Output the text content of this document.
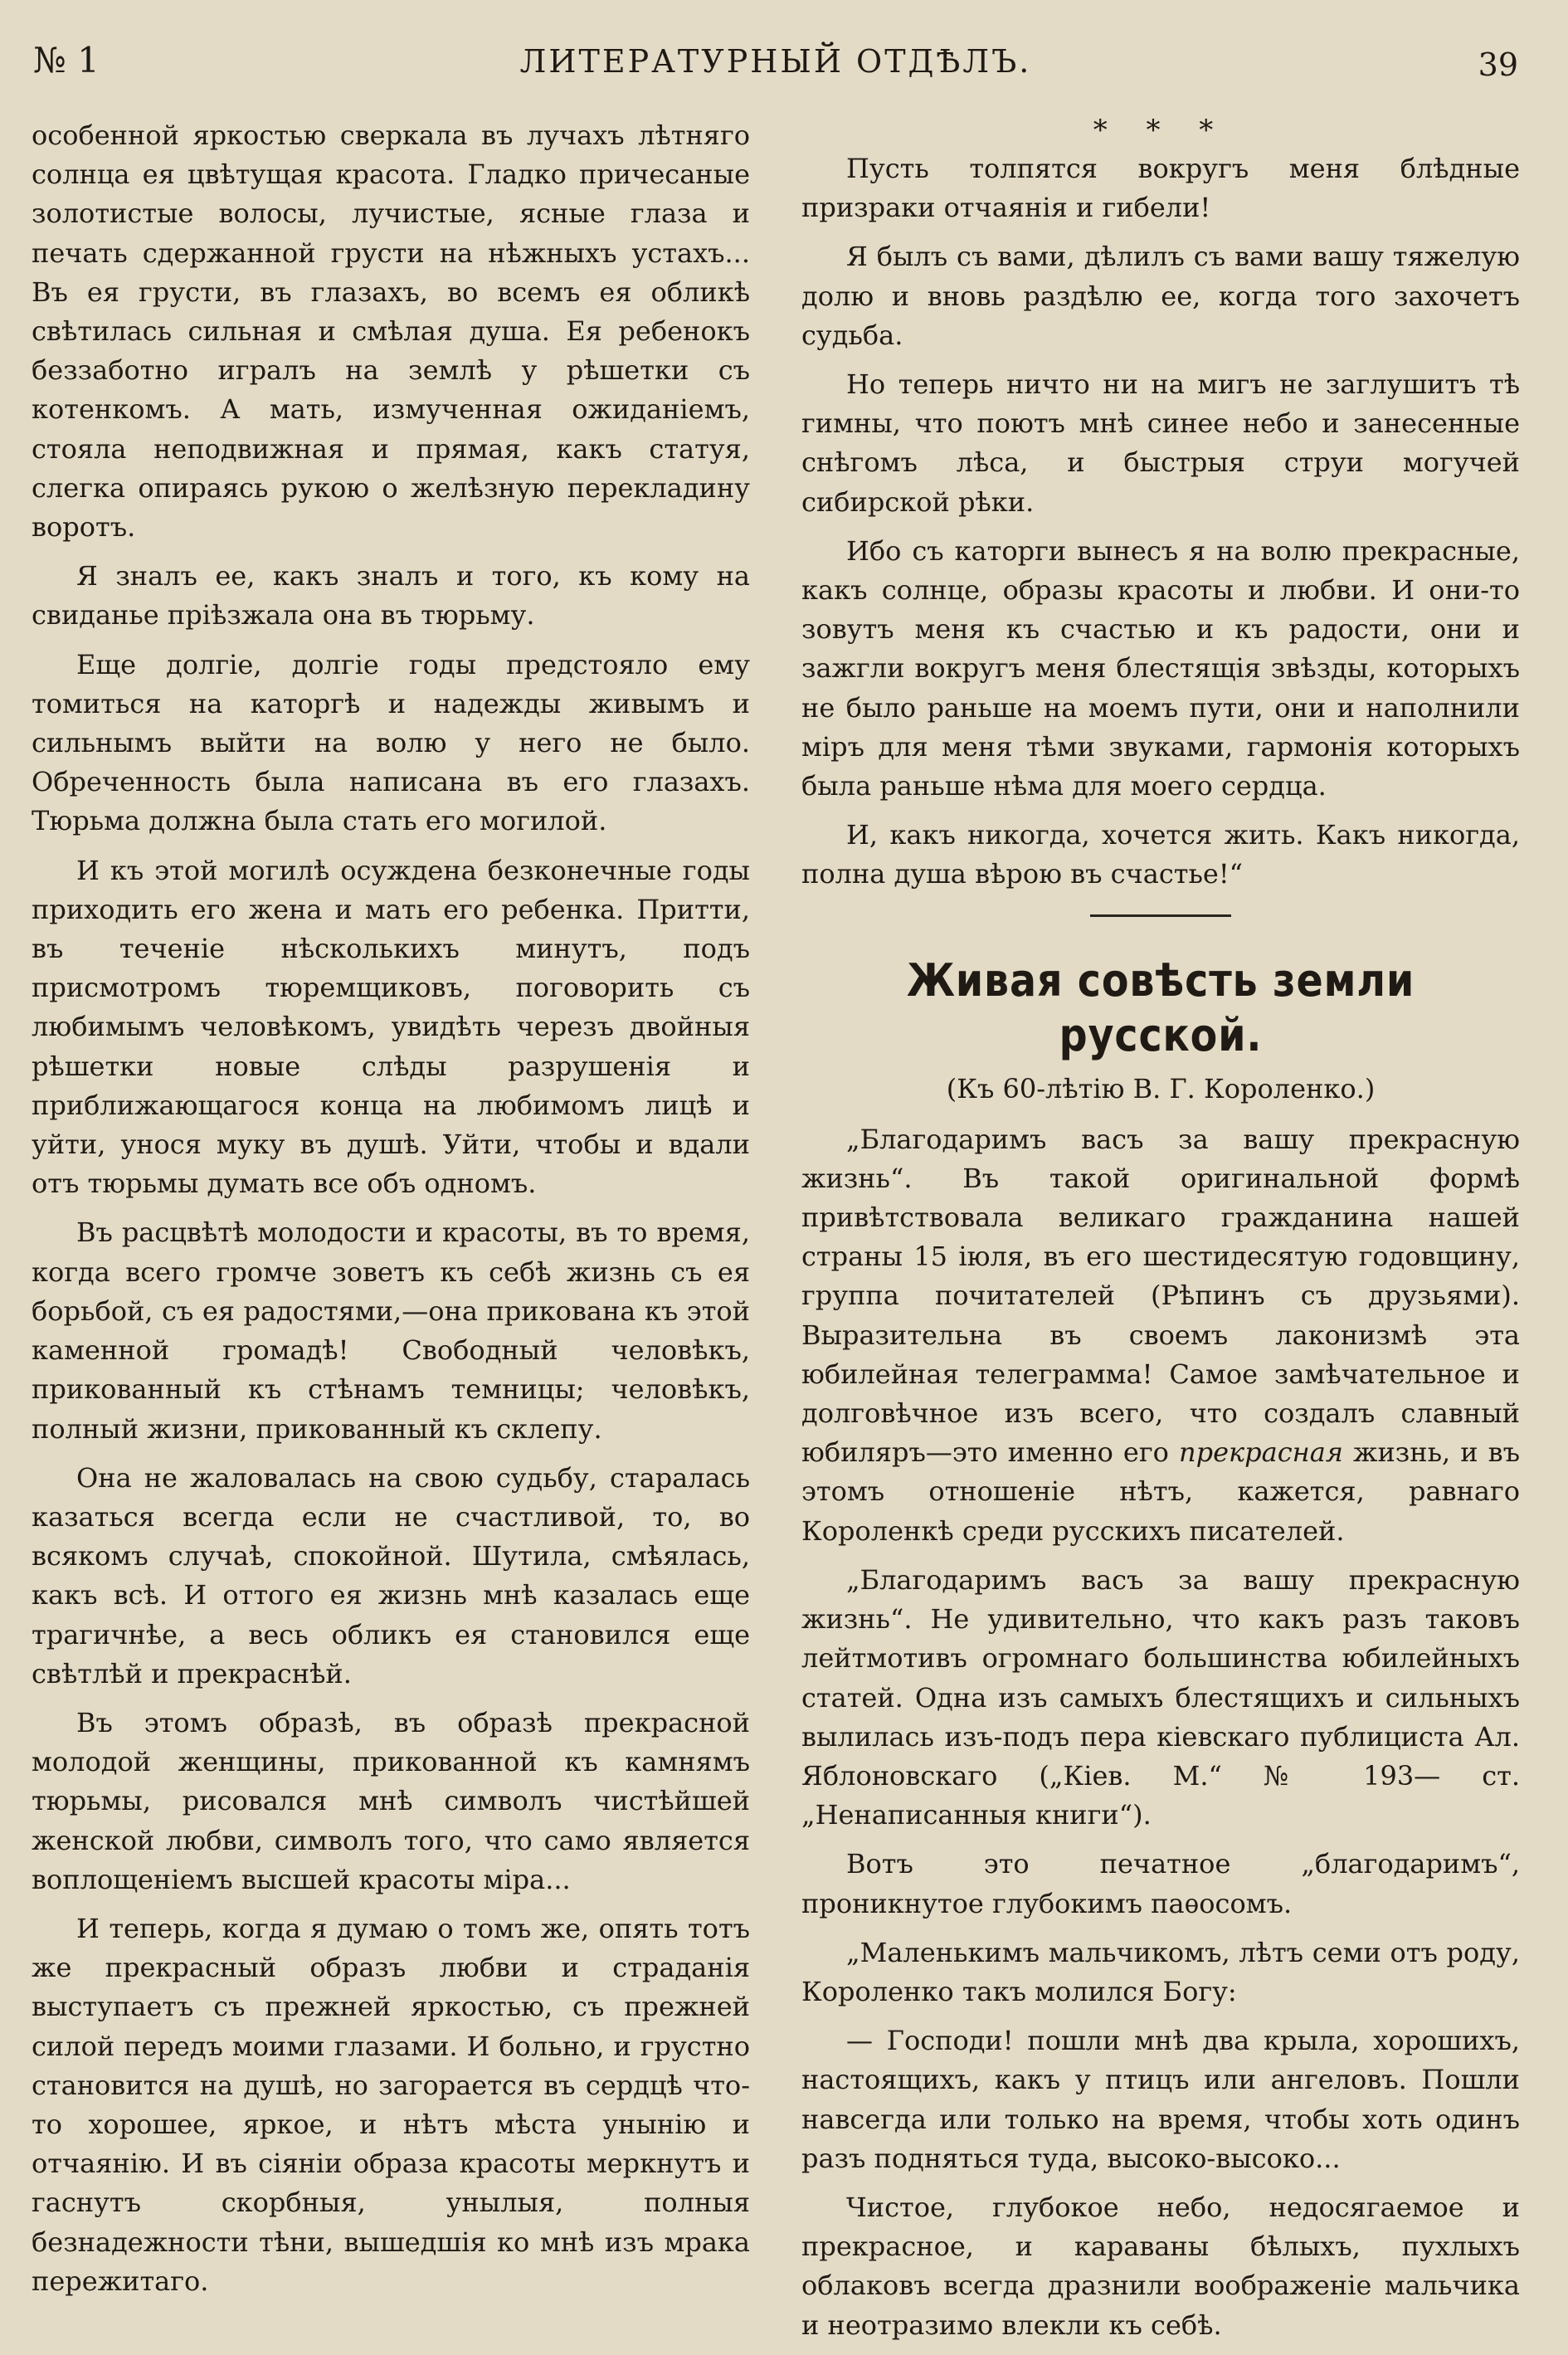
№ 1	ЛИТЕРАТУРНЫЙ ОТДѢЛЪ.	39

особенной яркостью сверкала въ лучахъ лѣтняго солнца ея цвѣтущая красота. Гладко причесаные золотистые волосы, лучистые, ясные глаза и печать сдержанной грусти на нѣжныхъ устахъ... Въ ея грусти, въ глазахъ, во всемъ ея обликѣ свѣтилась сильная и смѣлая душа. Ея ребенокъ беззаботно игралъ на землѣ у рѣшетки съ котенкомъ. А мать, измученная ожиданіемъ, стояла неподвижная и прямая, какъ статуя, слегка опираясь рукою о желѣзную перекладину воротъ.

Я зналъ ее, какъ зналъ и того, къ кому на свиданье пріѣзжала она въ тюрьму.

Еще долгіе, долгіе годы предстояло ему томиться на каторгѣ и надежды живымъ и сильнымъ выйти на волю у него не было. Обреченность была написана въ его глазахъ. Тюрьма должна была стать его могилой.

И къ этой могилѣ осуждена безконечные годы приходить его жена и мать его ребенка. Притти, въ теченіе нѣсколькихъ минутъ, подъ присмотромъ тюремщиковъ, поговорить съ любимымъ человѣкомъ, увидѣть черезъ двойныя рѣшетки новые слѣды разрушенія и приближающагося конца на любимомъ лицѣ и уйти, унося муку въ душѣ. Уйти, чтобы и вдали отъ тюрьмы думать все объ одномъ.

Въ расцвѣтѣ молодости и красоты, въ то время, когда всего громче зоветъ къ себѣ жизнь съ ея борьбой, съ ея радостями,—она прикована къ этой каменной громадѣ! Свободный человѣкъ, прикованный къ стѣнамъ темницы; человѣкъ, полный жизни, прикованный къ склепу.

Она не жаловалась на свою судьбу, старалась казаться всегда если не счастливой, то, во всякомъ случаѣ, спокойной. Шутила, смѣялась, какъ всѣ. И оттого ея жизнь мнѣ казалась еще трагичнѣе, а весь обликъ ея становился еще свѣтлѣй и прекраснѣй.

Въ этомъ образѣ, въ образѣ прекрасной молодой женщины, прикованной къ камнямъ тюрьмы, рисовался мнѣ символъ чистѣйшей женской любви, символъ того, что само является воплощеніемъ высшей красоты міра...

И теперь, когда я думаю о томъ же, опять тотъ же прекрасный образъ любви и страданія выступаетъ съ прежней яркостью, съ прежней силой передъ моими глазами. И больно, и грустно становится на душѣ, но загорается въ сердцѣ что-то хорошее, яркое, и нѣтъ мѣста унынію и отчаянію. И въ сіяніи образа красоты меркнутъ и гаснутъ скорбныя, унылыя, полныя безнадежности тѣни, вышедшія ко мнѣ изъ мрака пережитаго.

* * *

Пусть толпятся вокругъ меня блѣдные призраки отчаянія и гибели!

Я былъ съ вами, дѣлилъ съ вами вашу тяжелую долю и вновь раздѣлю ее, когда того захочетъ судьба.

Но теперь ничто ни на мигъ не заглушитъ тѣ гимны, что поютъ мнѣ синее небо и занесенные снѣгомъ лѣса, и быстрыя струи могучей сибирской рѣки.

Ибо съ каторги вынесъ я на волю прекрасные, какъ солнце, образы красоты и любви. И они-то зовутъ меня къ счастью и къ радости, они и зажгли вокругъ меня блестящія звѣзды, которыхъ не было раньше на моемъ пути, они и наполнили міръ для меня тѣми звуками, гармонія которыхъ была раньше нѣма для моего сердца.

И, какъ никогда, хочется жить. Какъ никогда, полна душа вѣрою въ счастье!“

Живая совѣсть земли русской.
(Къ 60-лѣтію В. Г. Короленко.)

„Благодаримъ васъ за вашу прекрасную жизнь“. Въ такой оригинальной формѣ привѣтствовала великаго гражданина нашей страны 15 іюля, въ его шестидесятую годовщину, группа почитателей (Рѣпинъ съ друзьями). Выразительна въ своемъ лаконизмѣ эта юбилейная телеграмма! Самое замѣчательное и долговѣчное изъ всего, что создалъ славный юбиляръ—это именно его прекрасная жизнь, и въ этомъ отношеніе нѣтъ, кажется, равнаго Короленкѣ среди русскихъ писателей.

„Благодаримъ васъ за вашу прекрасную жизнь“. Не удивительно, что какъ разъ таковъ лейтмотивъ огромнаго большинства юбилейныхъ статей. Одна изъ самыхъ блестящихъ и сильныхъ вылилась изъ-подъ пера кіевскаго публициста Ал. Яблоновскаго („Кіев. М.“ № 193— ст. „Ненаписанныя книги“).

Вотъ это печатное „благодаримъ“, проникнутое глубокимъ паѳосомъ.

„Маленькимъ мальчикомъ, лѣтъ семи отъ роду, Короленко такъ молился Богу:

— Господи! пошли мнѣ два крыла, хорошихъ, настоящихъ, какъ у птицъ или ангеловъ. Пошли навсегда или только на время, чтобы хоть одинъ разъ подняться туда, высоко-высоко...

Чистое, глубокое небо, недосягаемое и прекрасное, и караваны бѣлыхъ, пухлыхъ облаковъ всегда дразнили воображеніе мальчика и неотразимо влекли къ себѣ.
